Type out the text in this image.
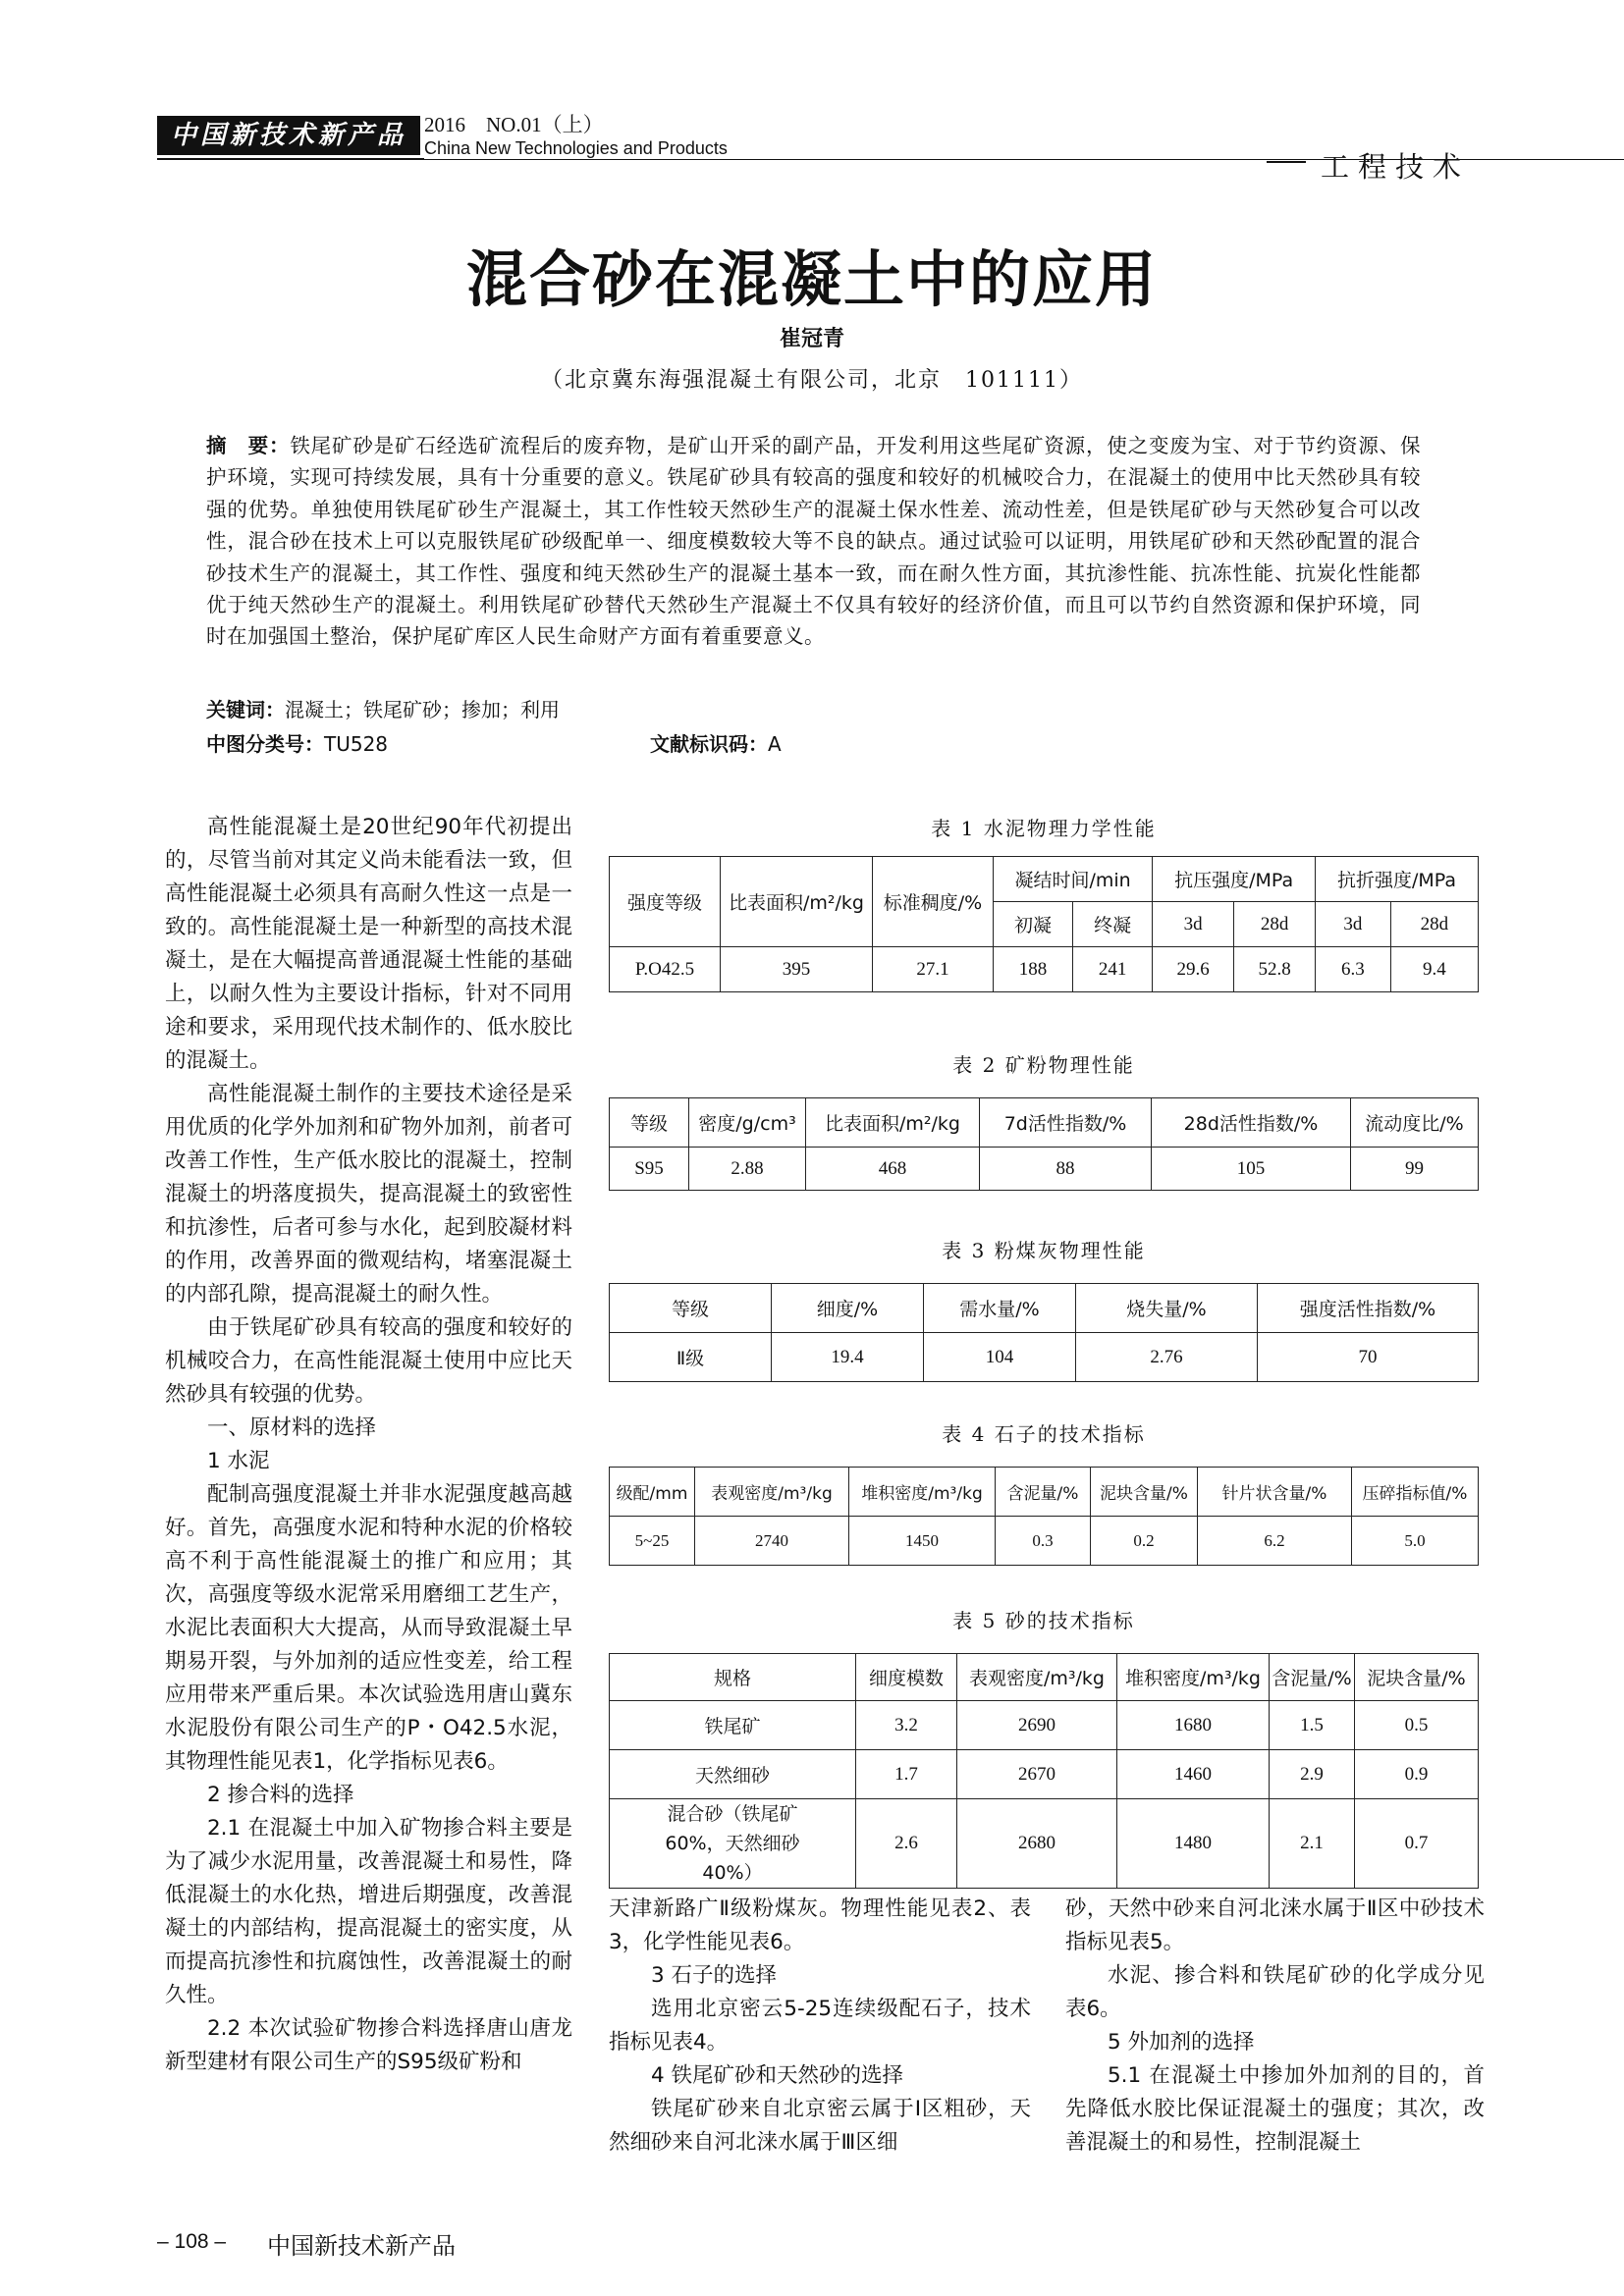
中国新技术新产品 2016　NO.01（上）
China New Technologies and Products
工程技术
混合砂在混凝土中的应用
崔冠青
（北京冀东海强混凝土有限公司，北京　101111）
摘　要：铁尾矿砂是矿石经选矿流程后的废弃物，是矿山开采的副产品，开发利用这些尾矿资源，使之变废为宝、对于节约资源、保护环境，实现可持续发展，具有十分重要的意义。铁尾矿砂具有较高的强度和较好的机械咬合力，在混凝土的使用中比天然砂具有较强的优势。单独使用铁尾矿砂生产混凝土，其工作性较天然砂生产的混凝土保水性差、流动性差，但是铁尾矿砂与天然砂复合可以改性，混合砂在技术上可以克服铁尾矿砂级配单一、细度模数较大等不良的缺点。通过试验可以证明，用铁尾矿砂和天然砂配置的混合砂技术生产的混凝土，其工作性、强度和纯天然砂生产的混凝土基本一致，而在耐久性方面，其抗渗性能、抗冻性能、抗炭化性能都优于纯天然砂生产的混凝土。利用铁尾矿砂替代天然砂生产混凝土不仅具有较好的经济价值，而且可以节约自然资源和保护环境，同时在加强国土整治，保护尾矿库区人民生命财产方面有着重要意义。
关键词：混凝土；铁尾矿砂；掺加；利用
中图分类号：TU528	文献标识码：A

高性能混凝土是20世纪90年代初提出的，尽管当前对其定义尚未能看法一致，但高性能混凝土必须具有高耐久性这一点是一致的。高性能混凝土是一种新型的高技术混凝土，是在大幅提高普通混凝土性能的基础上，以耐久性为主要设计指标，针对不同用途和要求，采用现代技术制作的、低水胶比的混凝土。

高性能混凝土制作的主要技术途径是采用优质的化学外加剂和矿物外加剂，前者可改善工作性，生产低水胶比的混凝土，控制混凝土的坍落度损失，提高混凝土的致密性和抗渗性，后者可参与水化，起到胶凝材料的作用，改善界面的微观结构，堵塞混凝土的内部孔隙，提高混凝土的耐久性。

由于铁尾矿砂具有较高的强度和较好的机械咬合力，在高性能混凝土使用中应比天然砂具有较强的优势。

一、原材料的选择

1 水泥

配制高强度混凝土并非水泥强度越高越好。首先，高强度水泥和特种水泥的价格较高不利于高性能混凝土的推广和应用；其次，高强度等级水泥常采用磨细工艺生产，水泥比表面积大大提高，从而导致混凝土早期易开裂，与外加剂的适应性变差，给工程应用带来严重后果。本次试验选用唐山冀东水泥股份有限公司生产的P・O42.5水泥，其物理性能见表1，化学指标见表6。

2 掺合料的选择

2.1 在混凝土中加入矿物掺合料主要是为了减少水泥用量，改善混凝土和易性，降低混凝土的水化热，增进后期强度，改善混凝土的内部结构，提高混凝土的密实度，从而提高抗渗性和抗腐蚀性，改善混凝土的耐久性。

2.2 本次试验矿物掺合料选择唐山唐龙新型建材有限公司生产的S95级矿粉和

表 1 水泥物理力学性能
强度等级	比表面积/m²/kg	标准稠度/%	凝结时间/min		抗压强度/MPa		抗折强度/MPa	
			初凝	终凝	3d	28d	3d	28d
P.O42.5	395	27.1	188	241	29.6	52.8	6.3	9.4
表 2 矿粉物理性能
等级	密度/g/cm³	比表面积/m²/kg	7d活性指数/%	28d活性指数/%	流动度比/%
S95	2.88	468	88	105	99
表 3 粉煤灰物理性能
等级	细度/%	需水量/%	烧失量/%	强度活性指数/%
Ⅱ级	19.4	104	2.76	70
表 4 石子的技术指标
级配/mm	表观密度/m³/kg	堆积密度/m³/kg	含泥量/%	泥块含量/%	针片状含量/%	压碎指标值/%
5~25	2740	1450	0.3	0.2	6.2	5.0
表 5 砂的技术指标
规格	细度模数	表观密度/m³/kg	堆积密度/m³/kg	含泥量/%	泥块含量/%
铁尾矿	3.2	2690	1680	1.5	0.5
天然细砂	1.7	2670	1460	2.9	0.9
混合砂（铁尾矿60%，天然细砂40%）	2.6	2680	1480	2.1	0.7

天津新路广Ⅱ级粉煤灰。物理性能见表2、表3，化学性能见表6。

3 石子的选择

选用北京密云5-25连续级配石子，技术指标见表4。

4 铁尾矿砂和天然砂的选择

铁尾矿砂来自北京密云属于Ⅰ区粗砂，天然细砂来自河北涞水属于Ⅲ区细

砂，天然中砂来自河北涞水属于Ⅱ区中砂技术指标见表5。

水泥、掺合料和铁尾矿砂的化学成分见表6。

5 外加剂的选择

5.1 在混凝土中掺加外加剂的目的，首先降低水胶比保证混凝土的强度；其次，改善混凝土的和易性，控制混凝土

– 108 – 中国新技术新产品
